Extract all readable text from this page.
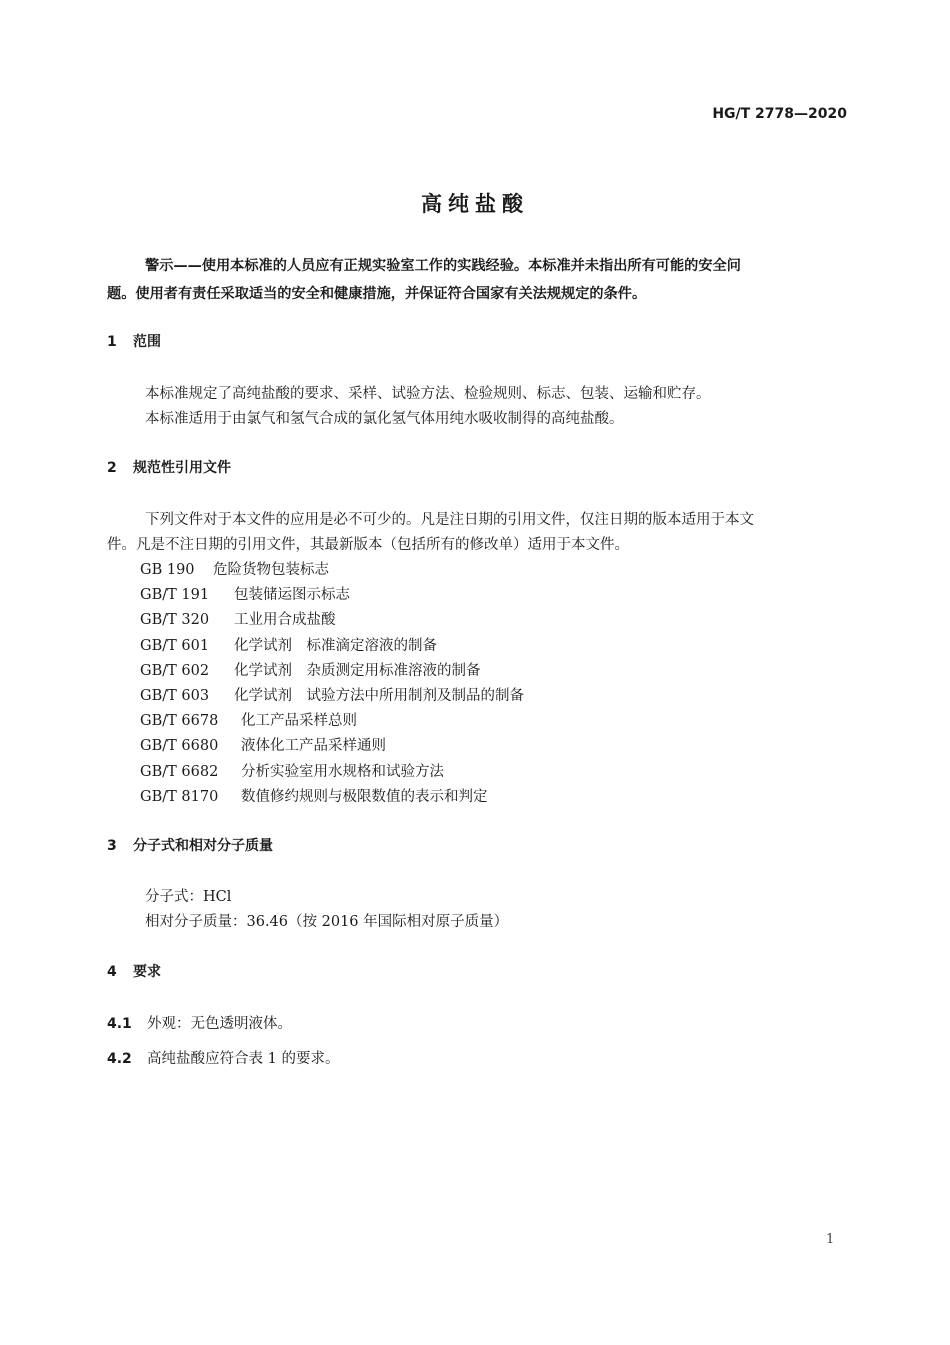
HG/T 2778—2020
高纯盐酸
警示——使用本标准的人员应有正规实验室工作的实践经验。本标准并未指出所有可能的安全问
题。使用者有责任采取适当的安全和健康措施，并保证符合国家有关法规规定的条件。
1 范围
本标准规定了高纯盐酸的要求、采样、试验方法、检验规则、标志、包装、运输和贮存。
本标准适用于由氯气和氢气合成的氯化氢气体用纯水吸收制得的高纯盐酸。
2 规范性引用文件
下列文件对于本文件的应用是必不可少的。凡是注日期的引用文件，仅注日期的版本适用于本文
件。凡是不注日期的引用文件，其最新版本（包括所有的修改单）适用于本文件。
GB 190 危险货物包装标志
GB/T 191 包装储运图示标志
GB/T 320 工业用合成盐酸
GB/T 601 化学试剂　标准滴定溶液的制备
GB/T 602 化学试剂　杂质测定用标准溶液的制备
GB/T 603 化学试剂　试验方法中所用制剂及制品的制备
GB/T 6678 化工产品采样总则
GB/T 6680 液体化工产品采样通则
GB/T 6682 分析实验室用水规格和试验方法
GB/T 8170 数值修约规则与极限数值的表示和判定
3 分子式和相对分子质量
分子式：HCl
相对分子质量：36.46（按 2016 年国际相对原子质量）
4 要求
4.1 外观：无色透明液体。
4.2 高纯盐酸应符合表 1 的要求。
1
